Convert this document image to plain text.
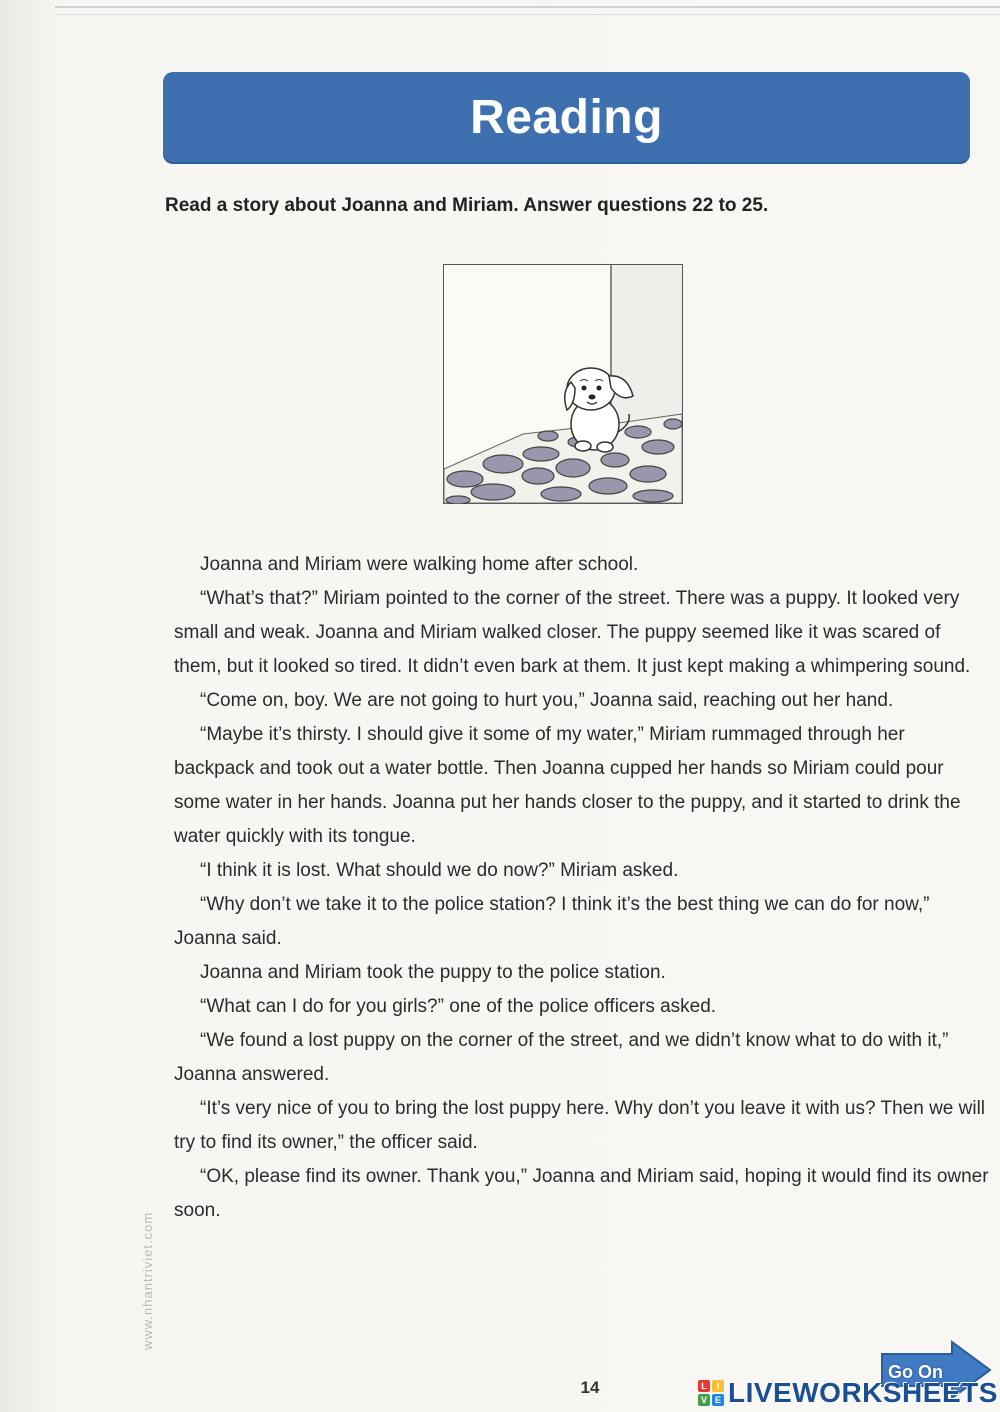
Reading
Read a story about Joanna and Miriam. Answer questions 22 to 25.

Joanna and Miriam were walking home after school.

“What’s that?” Miriam pointed to the corner of the street. There was a puppy. It looked very small and weak. Joanna and Miriam walked closer. The puppy seemed like it was scared of them, but it looked so tired. It didn’t even bark at them. It just kept making a whimpering sound.

“Come on, boy. We are not going to hurt you,” Joanna said, reaching out her hand.

“Maybe it’s thirsty. I should give it some of my water,” Miriam rummaged through her backpack and took out a water bottle. Then Joanna cupped her hands so Miriam could pour some water in her hands. Joanna put her hands closer to the puppy, and it started to drink the water quickly with its tongue.

“I think it is lost. What should we do now?” Miriam asked.

“Why don’t we take it to the police station? I think it’s the best thing we can do for now,” Joanna said.

Joanna and Miriam took the puppy to the police station.

“What can I do for you girls?” one of the police officers asked.

“We found a lost puppy on the corner of the street, and we didn’t know what to do with it,” Joanna answered.

“It’s very nice of you to bring the lost puppy here. Why don’t you leave it with us? Then we will try to find its owner,” the officer said.

“OK, please find its owner. Thank you,” Joanna and Miriam said, hoping it would find its owner soon.

www.nhantriviet.com
14
Go On
L	I
V E LIVEWORKSHEETS
